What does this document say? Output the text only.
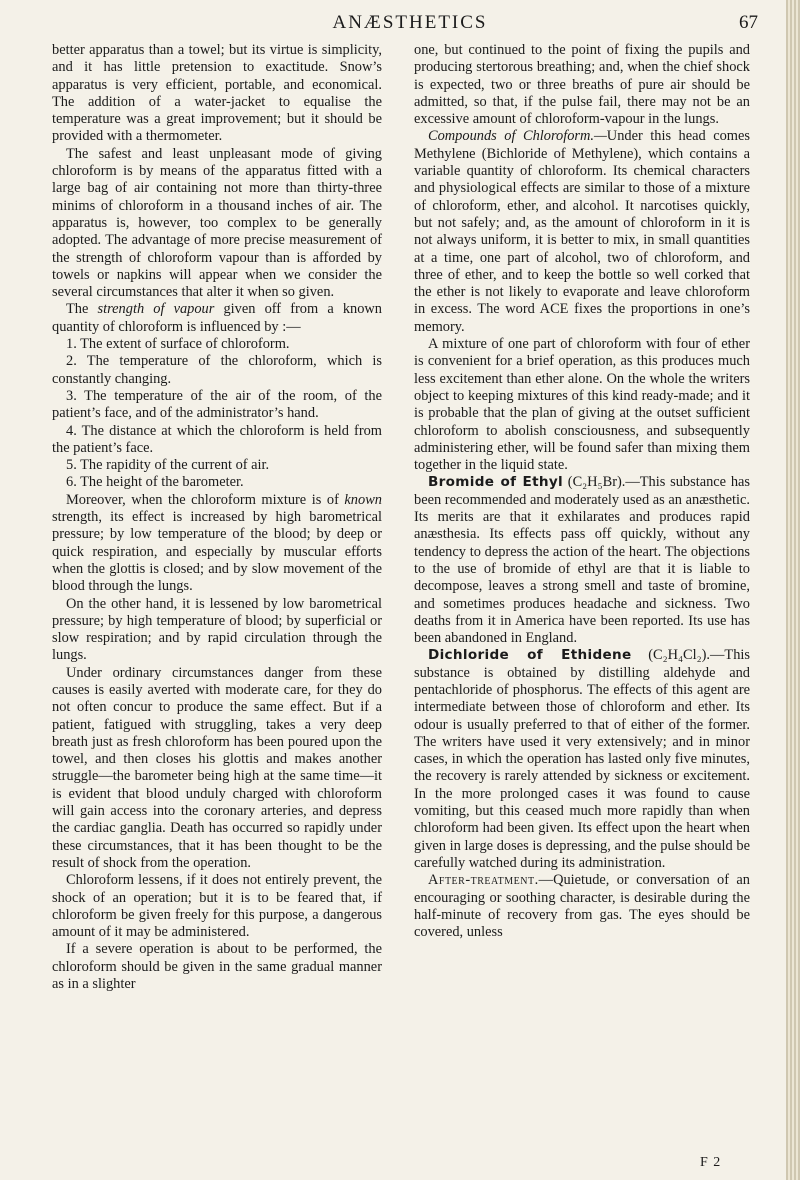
ANÆSTHETICS	67

better apparatus than a towel; but its virtue is simplicity, and it has little pretension to exactitude. Snow’s apparatus is very efficient, portable, and economical. The addition of a water-jacket to equalise the temperature was a great improvement; but it should be provided with a thermometer.

The safest and least unpleasant mode of giving chloroform is by means of the apparatus fitted with a large bag of air containing not more than thirty-three minims of chloroform in a thousand inches of air. The apparatus is, however, too complex to be generally adopted. The advantage of more precise measurement of the strength of chloroform vapour than is afforded by towels or napkins will appear when we consider the several circumstances that alter it when so given.

The strength of vapour given off from a known quantity of chloroform is influenced by :—

1. The extent of surface of chloroform.

2. The temperature of the chloroform, which is constantly changing.

3. The temperature of the air of the room, of the patient’s face, and of the administrator’s hand.

4. The distance at which the chloroform is held from the patient’s face.

5. The rapidity of the current of air.

6. The height of the barometer.

Moreover, when the chloroform mixture is of known strength, its effect is increased by high barometrical pressure; by low temperature of the blood; by deep or quick respiration, and especially by muscular efforts when the glottis is closed; and by slow movement of the blood through the lungs.

On the other hand, it is lessened by low barometrical pressure; by high temperature of blood; by superficial or slow respiration; and by rapid circulation through the lungs.

Under ordinary circumstances danger from these causes is easily averted with moderate care, for they do not often concur to produce the same effect. But if a patient, fatigued with struggling, takes a very deep breath just as fresh chloroform has been poured upon the towel, and then closes his glottis and makes another struggle—the barometer being high at the same time—it is evident that blood unduly charged with chloroform will gain access into the coronary arteries, and depress the cardiac ganglia. Death has occurred so rapidly under these circumstances, that it has been thought to be the result of shock from the operation.

Chloroform lessens, if it does not entirely prevent, the shock of an operation; but it is to be feared that, if chloroform be given freely for this purpose, a dangerous amount of it may be administered.

If a severe operation is about to be performed, the chloroform should be given in the same gradual manner as in a slighter

one, but continued to the point of fixing the pupils and producing stertorous breathing; and, when the chief shock is expected, two or three breaths of pure air should be admitted, so that, if the pulse fail, there may not be an excessive amount of chloroform-vapour in the lungs.

Compounds of Chloroform.—Under this head comes Methylene (Bichloride of Methylene), which contains a variable quantity of chloroform. Its chemical characters and physiological effects are similar to those of a mixture of chloroform, ether, and alcohol. It narcotises quickly, but not safely; and, as the amount of chloroform in it is not always uniform, it is better to mix, in small quantities at a time, one part of alcohol, two of chloroform, and three of ether, and to keep the bottle so well corked that the ether is not likely to evaporate and leave chloroform in excess. The word ACE fixes the proportions in one’s memory.

A mixture of one part of chloroform with four of ether is convenient for a brief operation, as this produces much less excitement than ether alone. On the whole the writers object to keeping mixtures of this kind ready-made; and it is probable that the plan of giving at the outset sufficient chloroform to abolish consciousness, and subsequently administering ether, will be found safer than mixing them together in the liquid state.

Bromide of Ethyl (C₂H₅Br).—This substance has been recommended and moderately used as an anæsthetic. Its merits are that it exhilarates and produces rapid anæsthesia. Its effects pass off quickly, without any tendency to depress the action of the heart. The objections to the use of bromide of ethyl are that it is liable to decompose, leaves a strong smell and taste of bromine, and sometimes produces headache and sickness. Two deaths from it in America have been reported. Its use has been abandoned in England.

Dichloride of Ethidene (C₂H₄Cl₂).—This substance is obtained by distilling aldehyde and pentachloride of phosphorus. The effects of this agent are intermediate between those of chloroform and ether. Its odour is usually preferred to that of either of the former. The writers have used it very extensively; and in minor cases, in which the operation has lasted only five minutes, the recovery is rarely attended by sickness or excitement. In the more prolonged cases it was found to cause vomiting, but this ceased much more rapidly than when chloroform had been given. Its effect upon the heart when given in large doses is depressing, and the pulse should be carefully watched during its administration.

After-treatment.—Quietude, or conversation of an encouraging or soothing character, is desirable during the half-minute of recovery from gas. The eyes should be covered, unless

F 2
